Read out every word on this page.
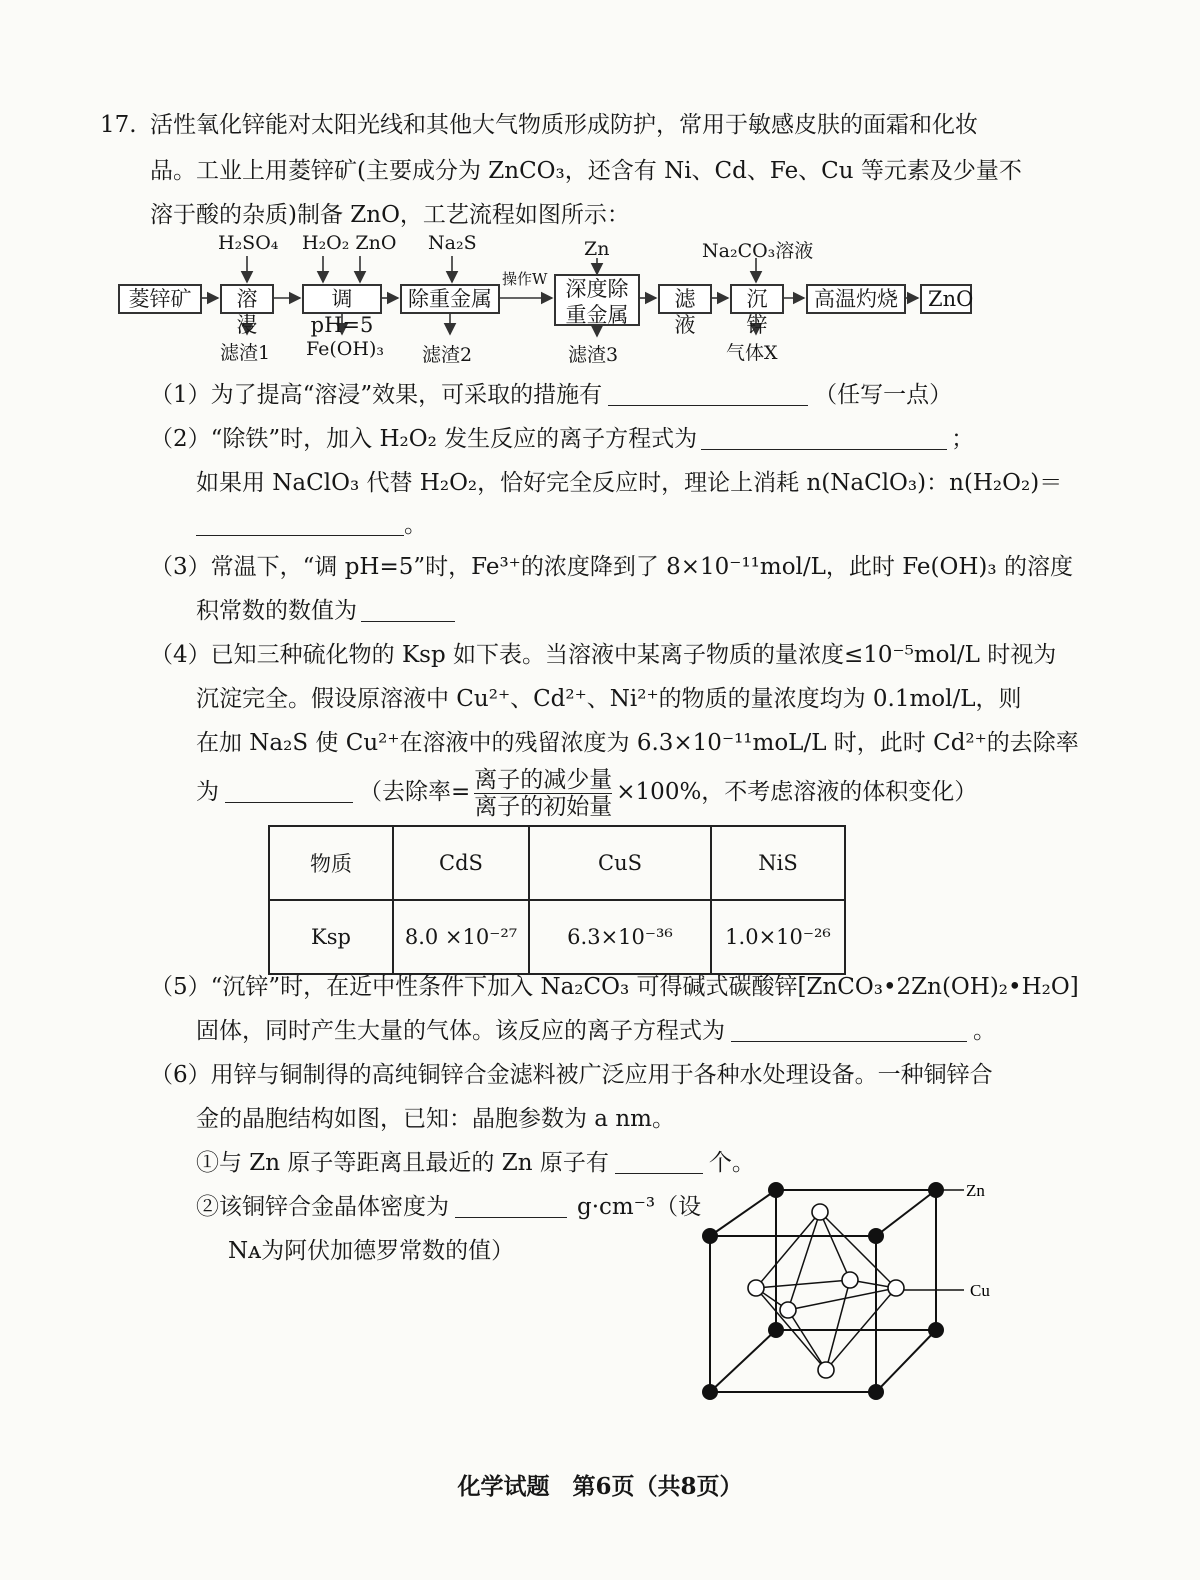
17. 活性氧化锌能对太阳光线和其他大气物质形成防护，常用于敏感皮肤的面霜和化妆
品。工业上用菱锌矿(主要成分为 ZnCO₃，还含有 Ni、Cd、Fe、Cu 等元素及少量不
溶于酸的杂质)制备 ZnO，工艺流程如图所示：
菱锌矿	溶浸
调pH=5
除重金属	深度除重金属
滤液
沉锌
高温灼烧	ZnO
H₂SO₄ H₂O₂ ZnO Na₂S	Zn	Na₂CO₃溶液
操作W
滤渣1 Fe(OH)₃ 滤渣2	滤渣3	气体X
（1）为了提高“溶浸”效果，可采取的措施有	（任写一点）
（2）“除铁”时，加入 H₂O₂ 发生反应的离子方程式为	；
如果用 NaClO₃ 代替 H₂O₂，恰好完全反应时，理论上消耗 n(NaClO₃)：n(H₂O₂)＝
。
（3）常温下，“调 pH=5”时，Fe³⁺的浓度降到了 8×10⁻¹¹mol/L，此时 Fe(OH)₃ 的溶度
积常数的数值为
（4）已知三种硫化物的 Ksp 如下表。当溶液中某离子物质的量浓度≤10⁻⁵mol/L 时视为
沉淀完全。假设原溶液中 Cu²⁺、Cd²⁺、Ni²⁺的物质的量浓度均为 0.1mol/L，则
在加 Na₂S 使 Cu²⁺在溶液中的残留浓度为 6.3×10⁻¹¹moL/L 时，此时 Cd²⁺的去除率
为	（去除率= $\frac{\text{离子的减少量}}{\text{离子的初始量}} \times 100\%$，不考虑溶液的体积变化）
物质	CdS	CuS	NiS
Ksp	8.0 ×10⁻²⁷	6.3×10⁻³⁶	1.0×10⁻²⁶
（5）“沉锌”时，在近中性条件下加入 Na₂CO₃ 可得碱式碳酸锌[ZnCO₃•2Zn(OH)₂•H₂O]
固体，同时产生大量的气体。该反应的离子方程式为	。
（6）用锌与铜制得的高纯铜锌合金滤料被广泛应用于各种水处理设备。一种铜锌合
金的晶胞结构如图，已知：晶胞参数为 a nm。
①与 Zn 原子等距离且最近的 Zn 原子有	个。
②该铜锌合金晶体密度为	g·cm⁻³（设
Nᴀ为阿伏加德罗常数的值）
Zn
Cu
化学试题　第6页（共8页）
